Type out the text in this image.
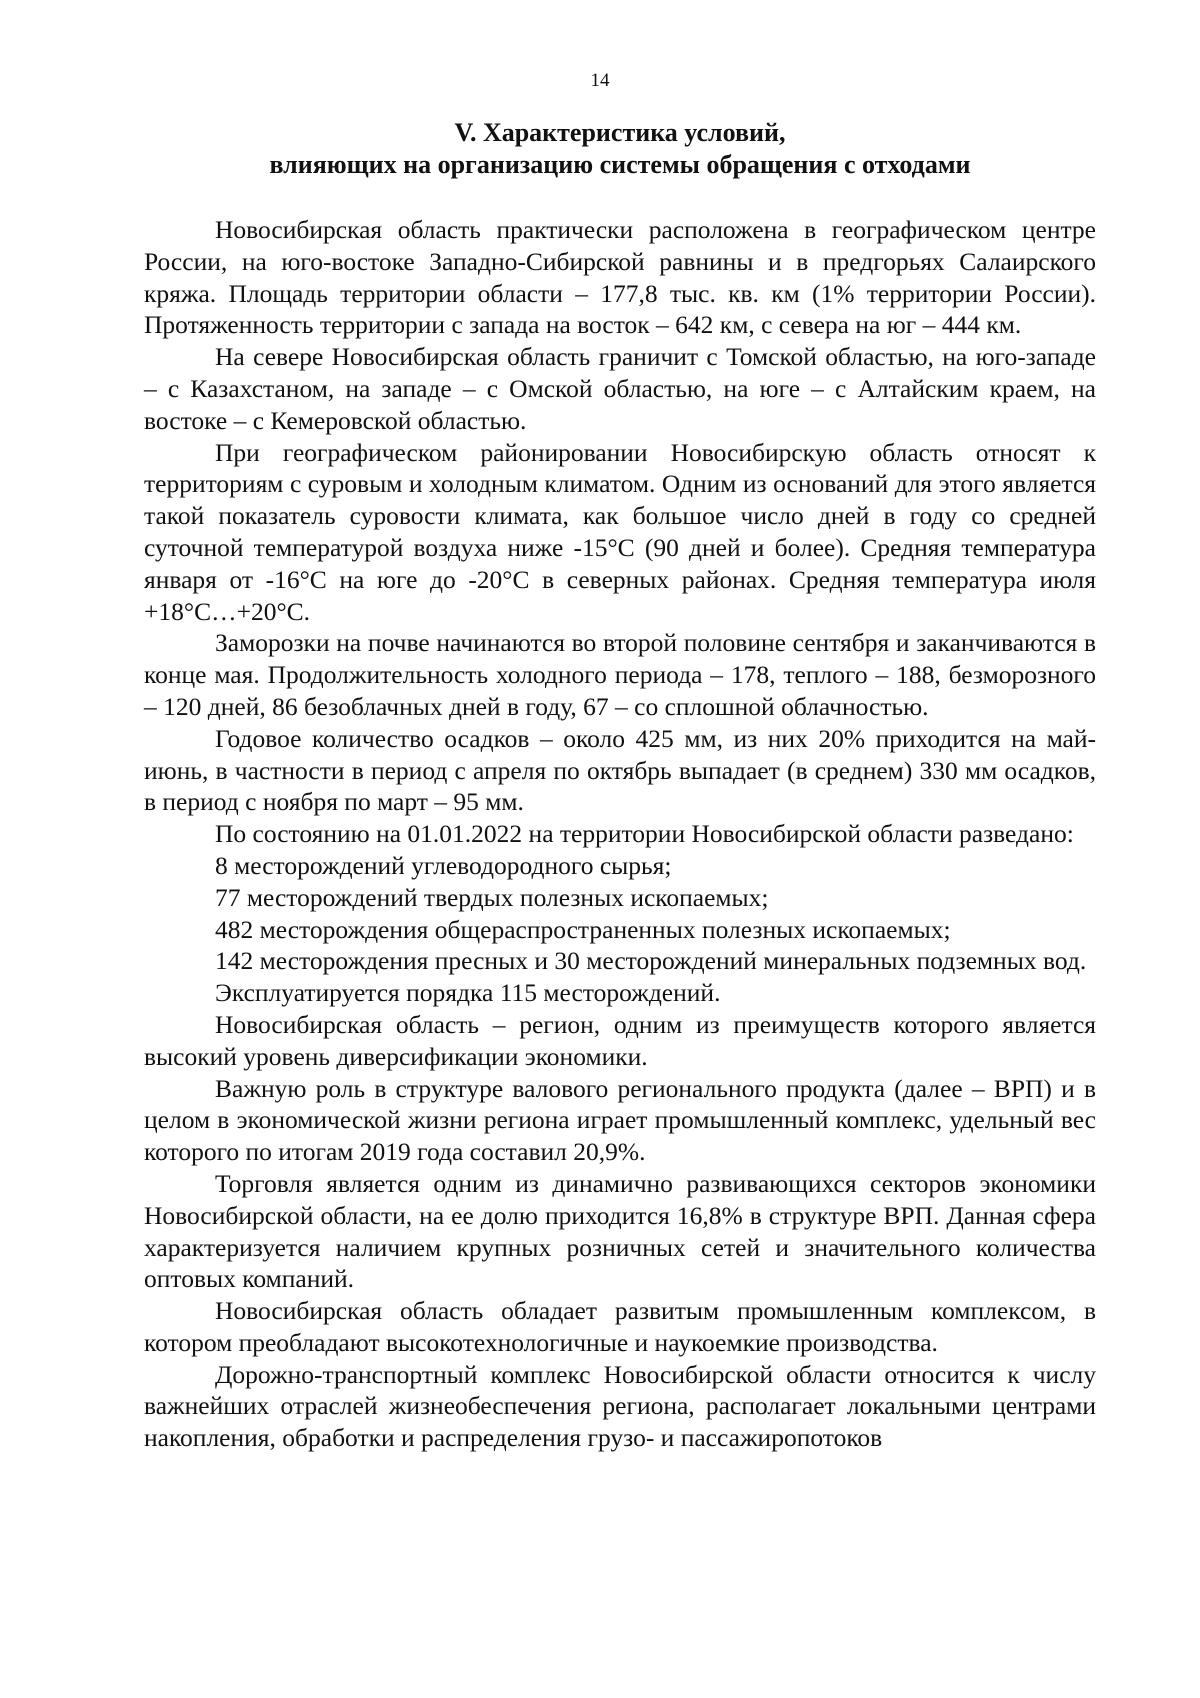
14
V. Характеристика условий,
влияющих на организацию системы обращения с отходами

Новосибирская область практически расположена в географическом центре России, на юго-востоке Западно-Сибирской равнины и в предгорьях Салаирского кряжа. Площадь территории области – 177,8 тыс. кв. км (1% территории России). Протяженность территории с запада на восток – 642 км, с севера на юг – 444 км.

На севере Новосибирская область граничит с Томской областью, на юго-западе – с Казахстаном, на западе – с Омской областью, на юге – с Алтайским краем, на востоке – с Кемеровской областью.

При географическом районировании Новосибирскую область относят к территориям с суровым и холодным климатом. Одним из оснований для этого является такой показатель суровости климата, как большое число дней в году со средней суточной температурой воздуха ниже -15°С (90 дней и более). Средняя температура января от -16°С на юге до -20°С в северных районах. Средняя температура июля +18°С…+20°С.

Заморозки на почве начинаются во второй половине сентября и заканчиваются в конце мая. Продолжительность холодного периода – 178, теплого – 188, безморозного – 120 дней, 86 безоблачных дней в году, 67 – со сплошной облачностью.

Годовое количество осадков – около 425 мм, из них 20% приходится на май-июнь, в частности в период с апреля по октябрь выпадает (в среднем) 330 мм осадков, в период с ноября по март – 95 мм.

По состоянию на 01.01.2022 на территории Новосибирской области разведано:

8 месторождений углеводородного сырья;

77 месторождений твердых полезных ископаемых;

482 месторождения общераспространенных полезных ископаемых;

142 месторождения пресных и 30 месторождений минеральных подземных вод.

Эксплуатируется порядка 115 месторождений.

Новосибирская область – регион, одним из преимуществ которого является высокий уровень диверсификации экономики.

Важную роль в структуре валового регионального продукта (далее – ВРП) и в целом в экономической жизни региона играет промышленный комплекс, удельный вес которого по итогам 2019 года составил 20,9%.

Торговля является одним из динамично развивающихся секторов экономики Новосибирской области, на ее долю приходится 16,8% в структуре ВРП. Данная сфера характеризуется наличием крупных розничных сетей и значительного количества оптовых компаний.

Новосибирская область обладает развитым промышленным комплексом, в котором преобладают высокотехнологичные и наукоемкие производства.

Дорожно-транспортный комплекс Новосибирской области относится к числу важнейших отраслей жизнеобеспечения региона, располагает локальными центрами накопления, обработки и распределения грузо- и пассажиропотоков
